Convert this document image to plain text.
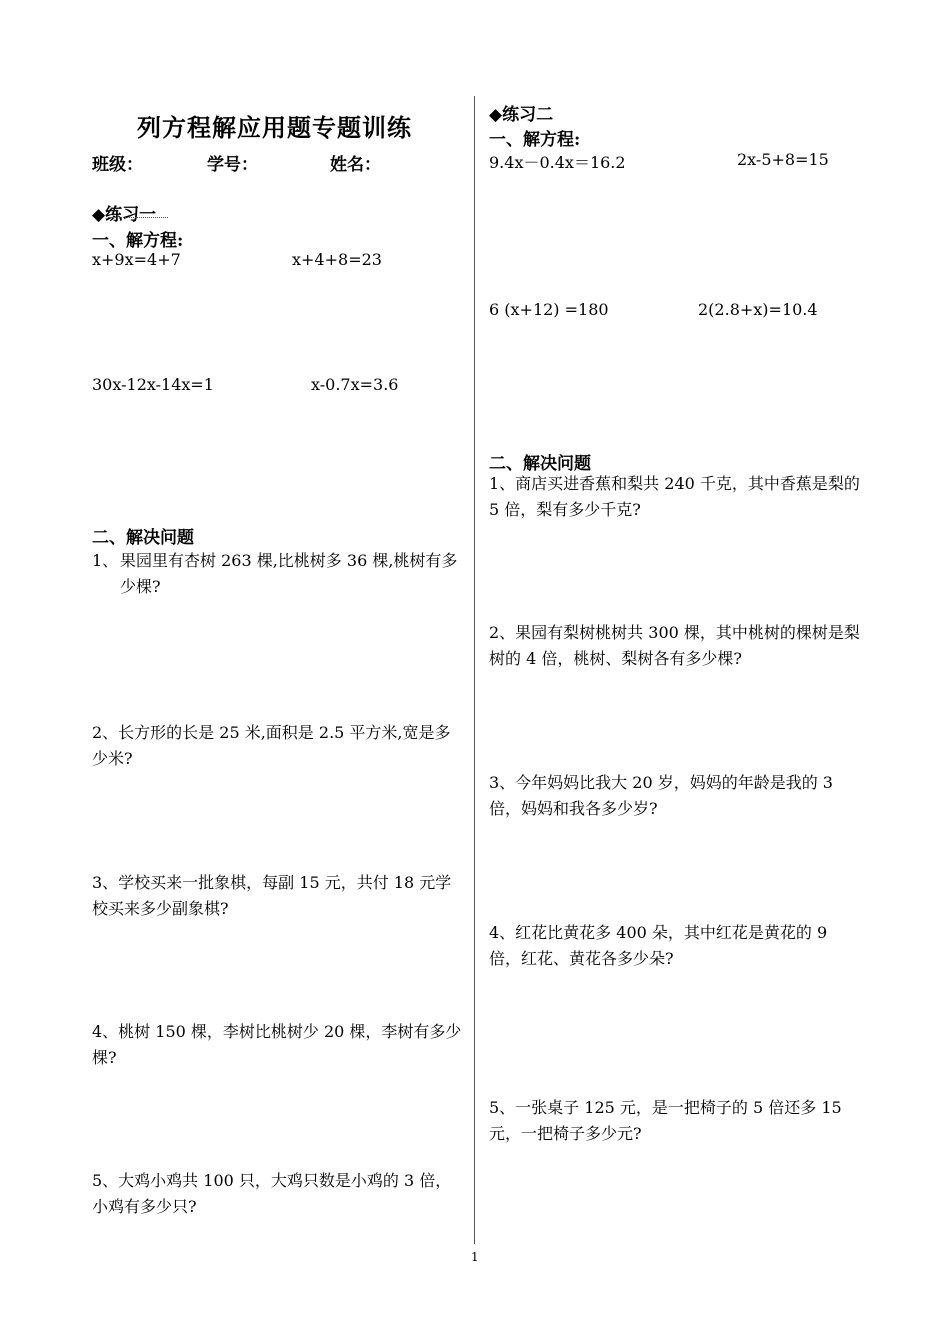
列方程解应用题专题训练
班级：	学号：	姓名：
◆练习一
一、解方程:
x+9x=4+7	x+4+8=23
30x-12x-14x=1	x-0.7x=3.6
二、解决问题
1、 果园里有杏树 263 棵,比桃树多 36 棵,桃树有多少棵?
2、长方形的长是 25 米,面积是 2.5 平方米,宽是多少米?
3、学校买来一批象棋，每副 15 元，共付 18 元学校买来多少副象棋?
4、桃树 150 棵，李树比桃树少 20 棵，李树有多少棵?
5、大鸡小鸡共 100 只，大鸡只数是小鸡的 3 倍，小鸡有多少只?
◆练习二
一、解方程:
9.4x－0.4x＝16.2	2x-5+8=15
6 (x+12) =180	2(2.8+x)=10.4
二、解决问题
1、商店买进香蕉和梨共 240 千克，其中香蕉是梨的 5 倍，梨有多少千克?
2、果园有梨树桃树共 300 棵，其中桃树的棵树是梨树的 4 倍，桃树、梨树各有多少棵?
3、今年妈妈比我大 20 岁，妈妈的年龄是我的 3 倍，妈妈和我各多少岁?
4、红花比黄花多 400 朵，其中红花是黄花的 9 倍，红花、黄花各多少朵?
5、一张桌子 125 元，是一把椅子的 5 倍还多 15 元，一把椅子多少元?
1
